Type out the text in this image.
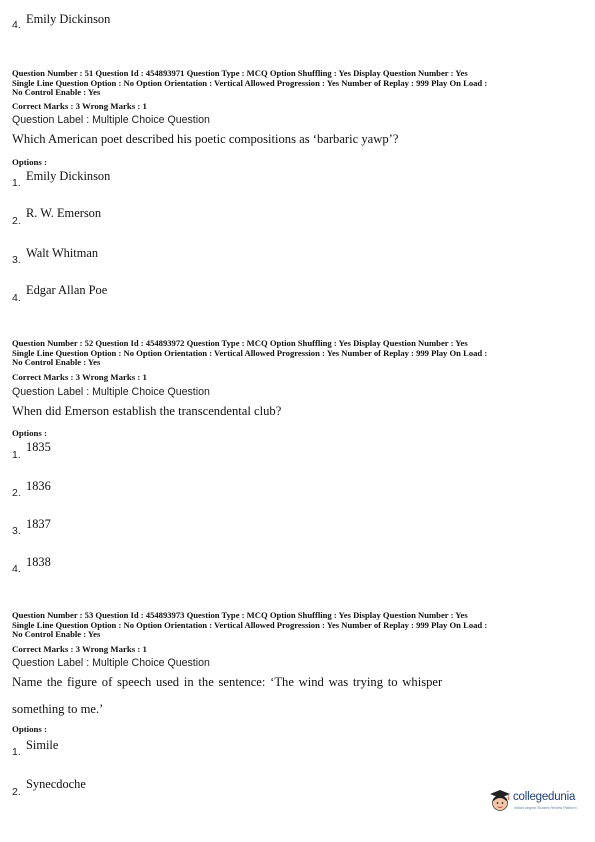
4. Emily Dickinson
Question Number : 51 Question Id : 454893971 Question Type : MCQ Option Shuffling : Yes Display Question Number : Yes
Single Line Question Option : No Option Orientation : Vertical Allowed Progression : Yes Number of Replay : 999 Play On Load :
No Control Enable : Yes
Correct Marks : 3 Wrong Marks : 1
Question Label : Multiple Choice Question
Which American poet described his poetic compositions as ‘barbaric yawp’?
Options :
1. Emily Dickinson
2.
R. W. Emerson
3. Walt Whitman
4.
Edgar Allan Poe
Question Number : 52 Question Id : 454893972 Question Type : MCQ Option Shuffling : Yes Display Question Number : Yes
Single Line Question Option : No Option Orientation : Vertical Allowed Progression : Yes Number of Replay : 999 Play On Load :
No Control Enable : Yes
Correct Marks : 3 Wrong Marks : 1
Question Label : Multiple Choice Question
When did Emerson establish the transcendental club?
Options :
1.
1835
2. 1836
3. 1837
4. 1838
Question Number : 53 Question Id : 454893973 Question Type : MCQ Option Shuffling : Yes Display Question Number : Yes
Single Line Question Option : No Option Orientation : Vertical Allowed Progression : Yes Number of Replay : 999 Play On Load :
No Control Enable : Yes
Correct Marks : 3 Wrong Marks : 1
Question Label : Multiple Choice Question
Name the figure of speech used in the sentence: ‘The wind was trying to whisper
something to me.’
Options :
1. Simile
2.
Synecdoche
collegedunia
India's largest Student Review Platform
